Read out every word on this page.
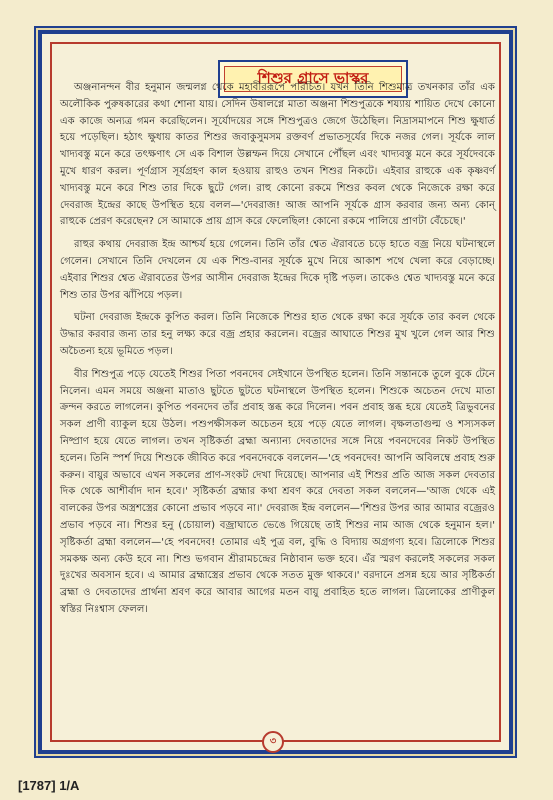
শিশুর গ্রাসে ভাস্কর

অঞ্জনানন্দন বীর হনুমান জন্মলগ্ন থেকে মহাবীররূপে পরিচিত। যখন তিনি শিশুমাত্র তখনকার তাঁর এক অলৌকিক পুরুষকারের কথা শোনা যায়। সেদিন উষালগ্নে মাতা অঞ্জনা শিশুপুত্রকে শয্যায় শায়িত দেখে কোনো এক কাজে অন্যত্র গমন করেছিলেন। সূর্যোদয়ের সঙ্গে শিশুপুত্রও জেগে উঠেছিল। নিদ্রাসমাপনে শিশু ক্ষুধার্ত হয়ে পড়েছিল। হঠাৎ ক্ষুধায় কাতর শিশুর জবাকুসুমসম রক্তবর্ণ প্রভাতসূর্যের দিকে নজর গেল। সূর্যকে লাল খাদ্যবস্তু মনে করে তৎক্ষণাৎ সে এক বিশাল উল্লম্ফন দিয়ে সেখানে পৌঁছল এবং খাদ্যবস্তু মনে করে সূর্যদেবকে মুখে ধারণ করল। পূর্ণগ্রাস সূর্যগ্রহণ কাল হওয়ায় রাহুও তখন শিশুর নিকটে। এইবার রাহুকে এক কৃষ্ণবর্ণ খাদ্যবস্তু মনে করে শিশু তার দিকে ছুটে গেল। রাহু কোনো রকমে শিশুর কবল থেকে নিজেকে রক্ষা করে দেবরাজ ইন্দ্রের কাছে উপস্থিত হয়ে বলল—'দেবরাজ! আজ আপনি সূর্যকে গ্রাস করবার জন্য অন্য কোন্ রাহুকে প্রেরণ করেছেন? সে আমাকে প্রায় গ্রাস করে ফেলেছিল! কোনো রকমে পালিয়ে প্রাণটা বেঁচেছে।'

রাহুর কথায় দেবরাজ ইন্দ্র আশ্চর্য হয়ে গেলেন। তিনি তাঁর শ্বেত ঐরাবতে চড়ে হাতে বজ্র নিয়ে ঘটনাস্থলে গেলেন। সেখানে তিনি দেখলেন যে এক শিশু-বানর সূর্যকে মুখে নিয়ে আকাশ পথে খেলা করে বেড়াচ্ছে। এইবার শিশুর শ্বেত ঐরাবতের উপর আসীন দেবরাজ ইন্দ্রের দিকে দৃষ্টি পড়ল। তাকেও শ্বেত খাদ্যবস্তু মনে করে শিশু তার উপর ঝাঁপিয়ে পড়ল।

ঘটনা দেবরাজ ইন্দ্রকে কুপিত করল। তিনি নিজেকে শিশুর হাত থেকে রক্ষা করে সূর্যকে তার কবল থেকে উদ্ধার করবার জন্য তার হনু লক্ষ্য করে বজ্র প্রহার করলেন। বজ্রের আঘাতে শিশুর মুখ খুলে গেল আর শিশু অচৈতন্য হয়ে ভূমিতে পড়ল।

বীর শিশুপুত্র পড়ে যেতেই শিশুর পিতা পবনদেব সেইখানে উপস্থিত হলেন। তিনি সন্তানকে তুলে বুকে টেনে নিলেন। এমন সময়ে অঞ্জনা মাতাও ছুটতে ছুটতে ঘটনাস্থলে উপস্থিত হলেন। শিশুকে অচেতন দেখে মাতা ক্রন্দন করতে লাগলেন। কুপিত পবনদেব তাঁর প্রবাহ স্তব্ধ করে দিলেন। পবন প্রবাহ স্তব্ধ হয়ে যেতেই ত্রিভুবনের সকল প্রাণী ব্যাকুল হয়ে উঠল। পশুপক্ষীসকল অচেতন হয়ে পড়ে যেতে লাগল। বৃক্ষলতাগুল্ম ও শস্যসকল নিষ্প্রাণ হয়ে যেতে লাগল। তখন সৃষ্টিকর্তা ব্রহ্মা অন্যান্য দেবতাদের সঙ্গে নিয়ে পবনদেবের নিকট উপস্থিত হলেন। তিনি স্পর্শ দিয়ে শিশুকে জীবিত করে পবনদেবকে বললেন—'হে পবনদেব! আপনি অবিলম্বে প্রবাহ শুরু করুন। বায়ুর অভাবে এখন সকলের প্রাণ-সংকট দেখা দিয়েছে। আপনার এই শিশুর প্রতি আজ সকল দেবতার দিক থেকে আশীর্বাদ দান হবে।' সৃষ্টিকর্তা ব্রহ্মার কথা শ্রবণ করে দেবতা সকল বললেন—'আজ থেকে এই বালকের উপর অস্ত্রশস্ত্রের কোনো প্রভাব পড়বে না।' দেবরাজ ইন্দ্র বললেন—'শিশুর উপর আর আমার বজ্রেরও প্রভাব পড়বে না। শিশুর হনু (চোয়াল) বজ্রাঘাতে ভেঙে গিয়েছে তাই শিশুর নাম আজ থেকে হনুমান হল।' সৃষ্টিকর্তা ব্রহ্মা বললেন—'হে পবনদেব! তোমার এই পুত্র বল, বুদ্ধি ও বিদ্যায় অগ্রগণ্য হবে। ত্রিলোকে শিশুর সমকক্ষ অন্য কেউ হবে না। শিশু ভগবান শ্রীরামচন্দ্রের নিষ্ঠাবান ভক্ত হবে। এঁর স্মরণ করলেই সকলের সকল দুঃখের অবসান হবে। এ আমার ব্রহ্মাস্ত্রের প্রভাব থেকে সতত মুক্ত থাকবে।' বরদানে প্রসন্ন হয়ে আর সৃষ্টিকর্তা ব্রহ্মা ও দেবতাদের প্রার্থনা শ্রবণ করে আবার আগের মতন বায়ু প্রবাহিত হতে লাগল। ত্রিলোকের প্রাণীকুল স্বস্তির নিঃশ্বাস ফেলল।

৩
[1787] 1/A
